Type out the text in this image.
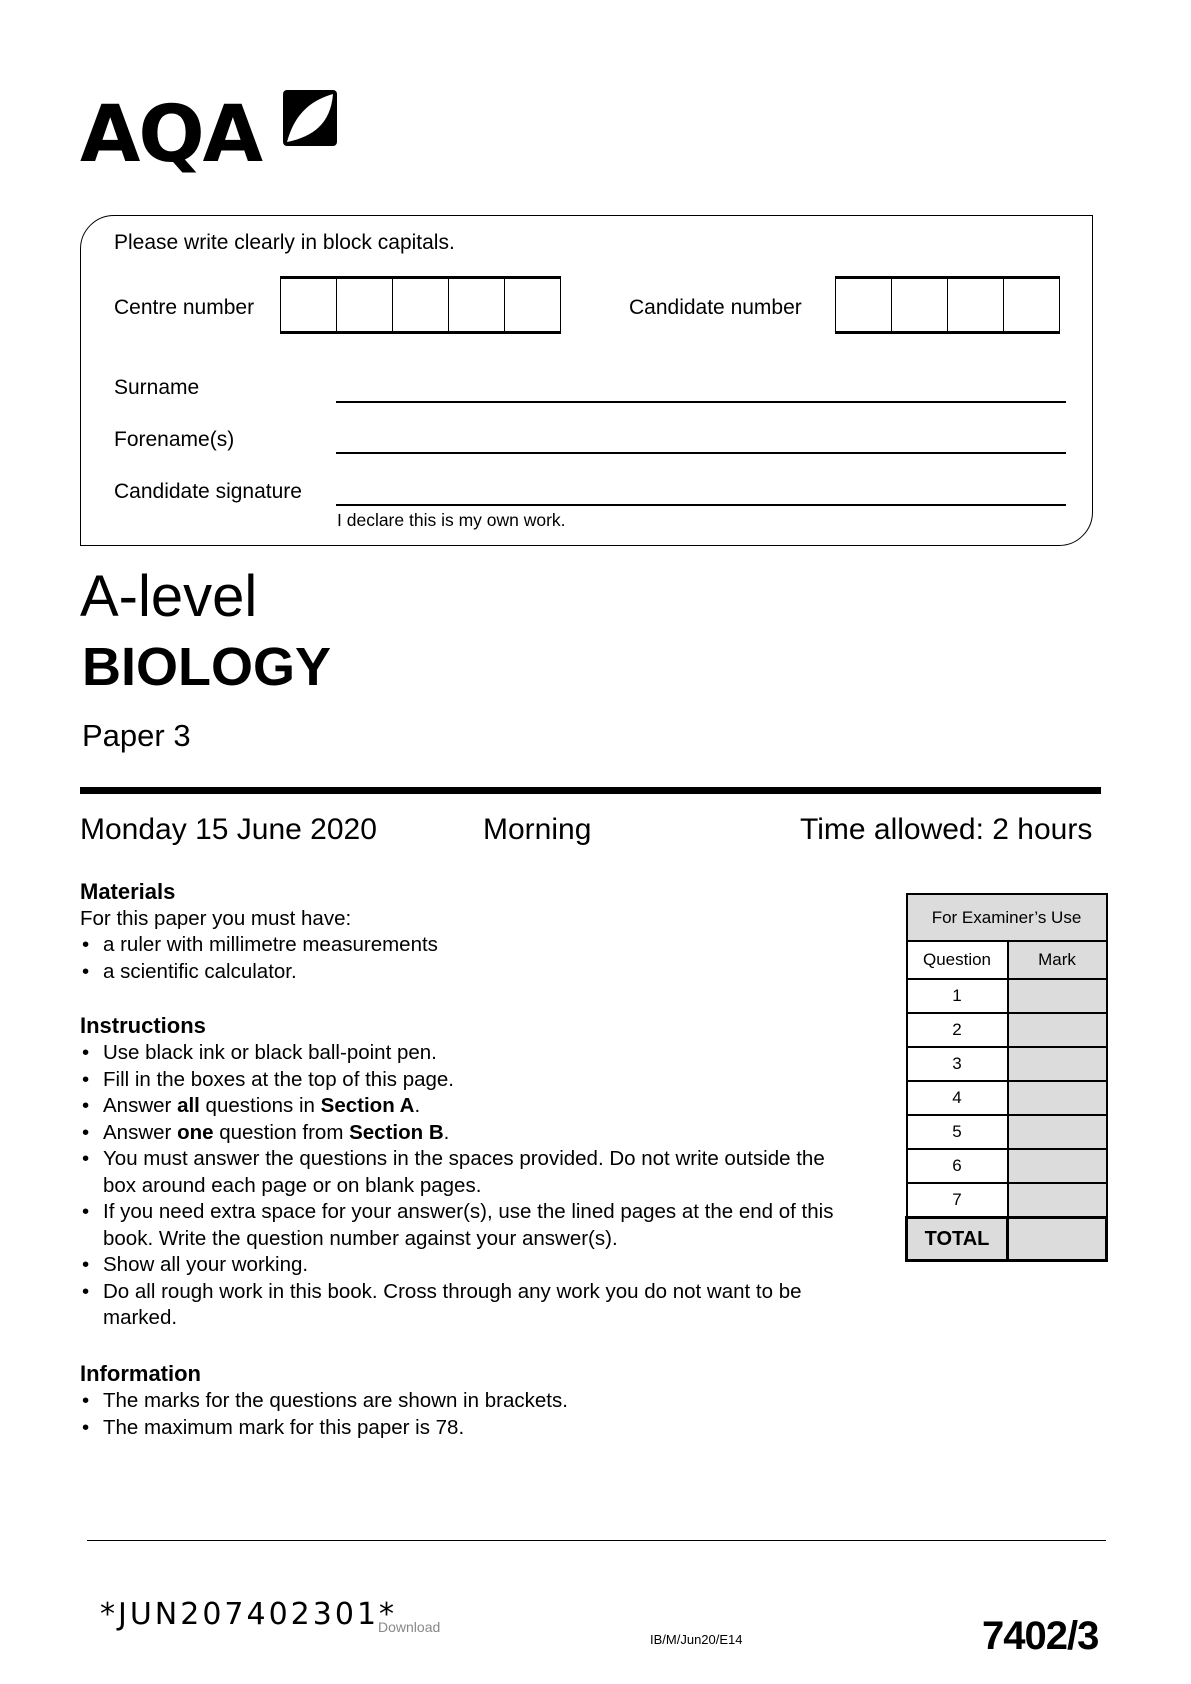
AQA
Please write clearly in block capitals.
Centre number	Candidate number
Surname
Forename(s)
Candidate signature
I declare this is my own work.
A-level
BIOLOGY
Paper 3
Monday 15 June 2020	Morning	Time allowed: 2 hours
Materials
For this paper you must have:
• a ruler with millimetre measurements
• a scientific calculator.
Instructions
• Use black ink or black ball-point pen.
• Fill in the boxes at the top of this page.
• Answer all questions in Section A.
• Answer one question from Section B.
• You must answer the questions in the spaces provided. Do not write outside the box around each page or on blank pages.
• If you need extra space for your answer(s), use the lined pages at the end of this book. Write the question number against your answer(s).
• Show all your working.
• Do all rough work in this book. Cross through any work you do not want to be marked.
Information
• The marks for the questions are shown in brackets.
• The maximum mark for this paper is 78.
For Examiner’s Use	
Question	Mark
1	
2	
3	
4	
5	
6	
7	
TOTAL	
*JUN207402301*
Download
IB/M/Jun20/E14	7402/3
